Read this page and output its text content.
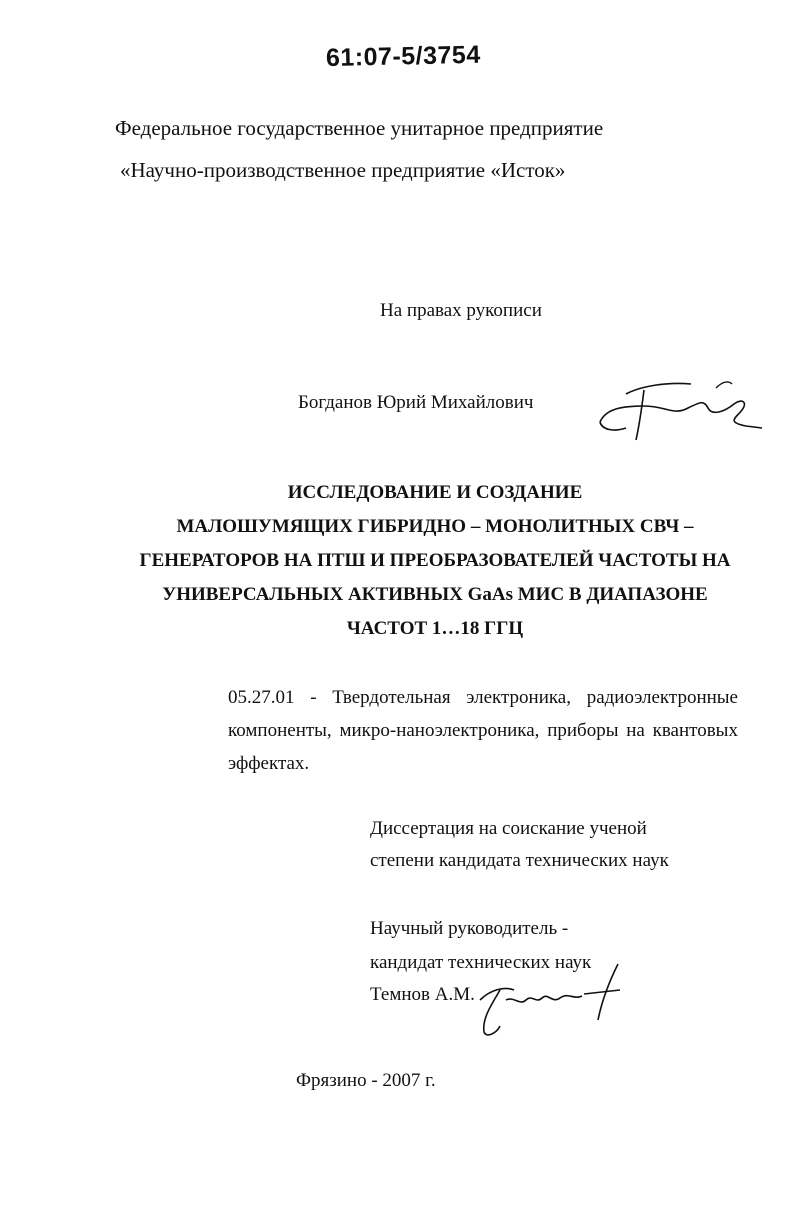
61:07-5/3754
Федеральное государственное унитарное предприятие
«Научно-производственное предприятие «Исток»
На правах рукописи
Богданов Юрий Михайлович
ИССЛЕДОВАНИЕ И СОЗДАНИЕ
МАЛОШУМЯЩИХ ГИБРИДНО – МОНОЛИТНЫХ СВЧ –
ГЕНЕРАТОРОВ НА ПТШ И ПРЕОБРАЗОВАТЕЛЕЙ ЧАСТОТЫ НА
УНИВЕРСАЛЬНЫХ АКТИВНЫХ GaAs МИС В ДИАПАЗОНЕ
ЧАСТОТ 1…18 ГГЦ
05.27.01 - Твердотельная электроника, радиоэлектронные
компоненты, микро-наноэлектроника, приборы на квантовых
эффектах.
Диссертация на соискание ученой
степени кандидата технических наук
Научный руководитель -
кандидат технических наук
Темнов А.М.
Фрязино - 2007 г.
